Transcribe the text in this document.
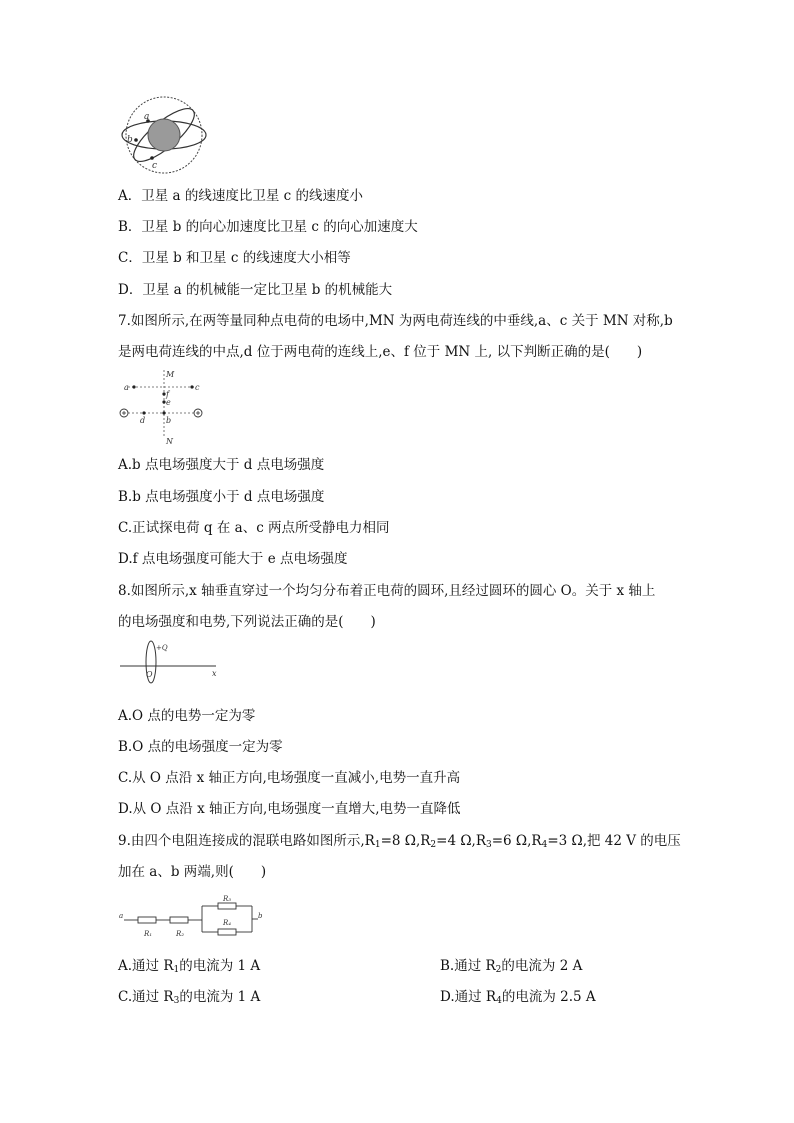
a
b
c
A．卫星 a 的线速度比卫星 c 的线速度小
B．卫星 b 的向心加速度比卫星 c 的向心加速度大
C．卫星 b 和卫星 c 的线速度大小相等
D．卫星 a 的机械能一定比卫星 b 的机械能大
7.如图所示,在两等量同种点电荷的电场中,MN 为两电荷连线的中垂线,a、c 关于 MN 对称,b
是两电荷连线的中点,d 位于两电荷的连线上,e、f 位于 MN 上, 以下判断正确的是(　　)
a	c
M
N
f
e
b
d
A.b 点电场强度大于 d 点电场强度
B.b 点电场强度小于 d 点电场强度
C.正试探电荷 q 在 a、c 两点所受静电力相同
D.f 点电场强度可能大于 e 点电场强度
8.如图所示,x 轴垂直穿过一个均匀分布着正电荷的圆环,且经过圆环的圆心 O。关于 x 轴上
的电场强度和电势,下列说法正确的是(　　)
+Q
O	x
A.O 点的电势一定为零
B.O 点的电场强度一定为零
C.从 O 点沿 x 轴正方向,电场强度一直减小,电势一直升高
D.从 O 点沿 x 轴正方向,电场强度一直增大,电势一直降低
9.由四个电阻连接成的混联电路如图所示$,R_1=8$ $\Omega,R_2=4$ $\Omega,R_3=6$ $\Omega,R_4=3$ Ω,把 42 V 的电压
加在 a、b 两端,则(　　)
a	b
R₁	R₂
R₃
R₄
A.通过 $R_1$的电流为 1 A	B.通过 $R_2$的电流为 2 A
C.通过 $R_3$的电流为 1 A	D.通过 $R_4$的电流为 2.5 A
